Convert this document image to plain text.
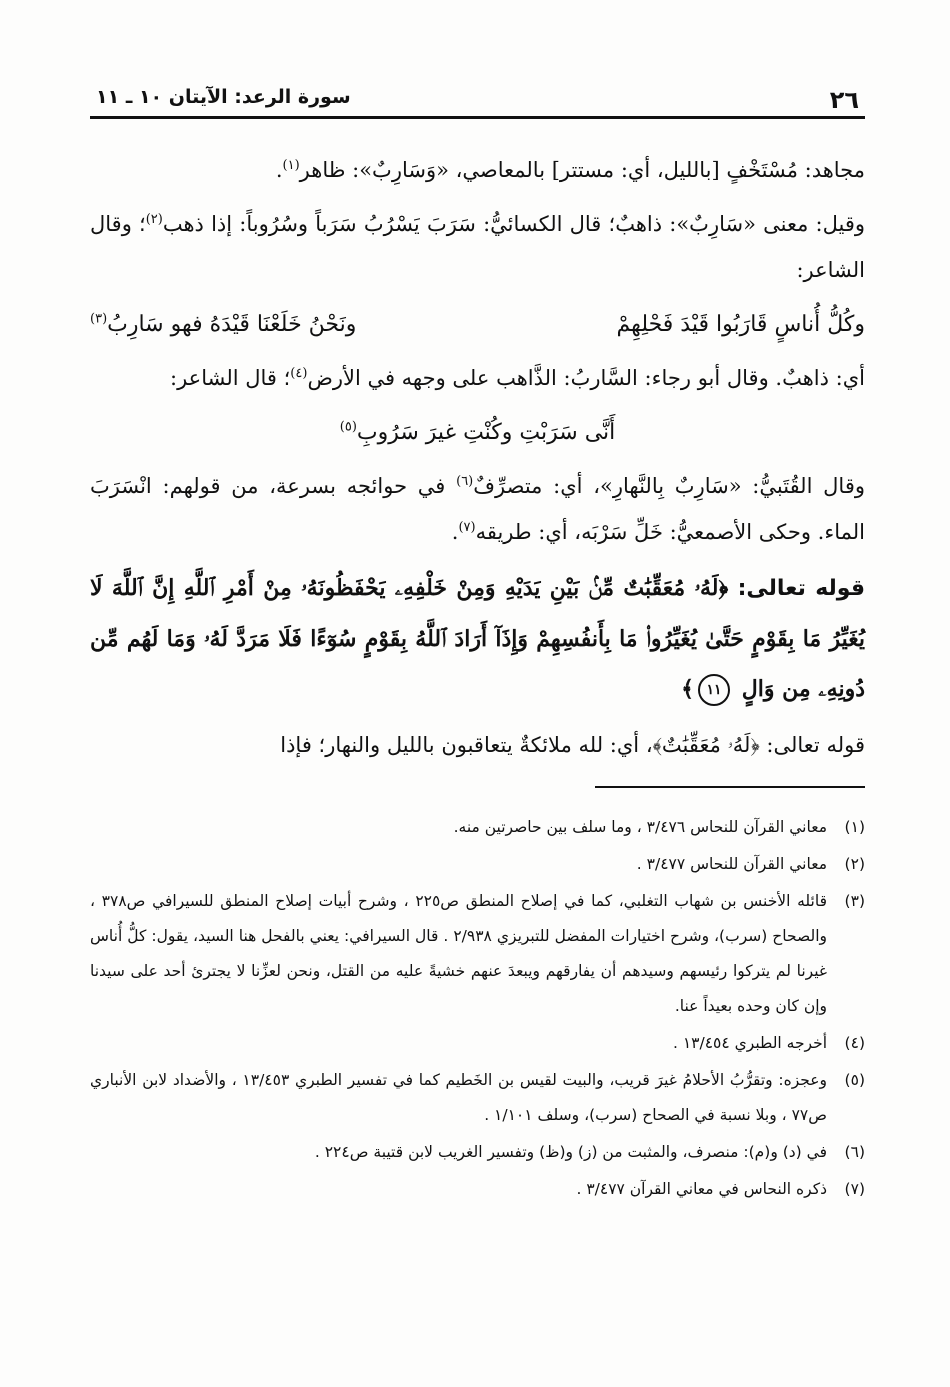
٢٦
سورة الرعد: الآيتان ١٠ ـ ١١

مجاهد: مُسْتَخْفٍ [بالليل، أي: مستتر] بالمعاصي، «وَسَارِبٌ»: ظاهر$^{(١)}$.

وقيل: معنى «سَارِبٌ»: ذاهبٌ؛ قال الكسائيُّ: سَرَبَ يَسْرُبُ سَرَباً وسُرُوباً: إذا ذهب$^{(٢)}$؛ وقال الشاعر:

وكُلُّ أُناسٍ قَارَبُوا قَيْدَ فَحْلِهِمْ
ونَحْنُ خَلَعْنَا قَيْدَهُ فهو سَارِبُ$^{(٣)}$

أي: ذاهبٌ. وقال أبو رجاء: السَّاربُ: الذَّاهب على وجهه في الأرض$^{(٤)}$؛ قال الشاعر:

أَنَّى سَرَبْتِ وكُنْتِ غيرَ سَرُوبِ$^{(٥)}$

وقال القُتَبيُّ: «سَارِبٌ بِالنَّهارِ»، أي: متصرِّفٌ$^{(٦)}$ في حوائجه بسرعة، من قولهم: انْسَرَبَ الماء. وحكى الأصمعيُّ: خَلِّ سَرْبَه، أي: طريقه$^{(٧)}$.

قوله تعالى: ﴿لَهُۥ مُعَقِّبَٰتٌ مِّنۢ بَيْنِ يَدَيْهِ وَمِنْ خَلْفِهِۦ يَحْفَظُونَهُۥ مِنْ أَمْرِ ٱللَّهِ إِنَّ ٱللَّهَ لَا يُغَيِّرُ مَا بِقَوْمٍ حَتَّىٰ يُغَيِّرُوا۟ مَا بِأَنفُسِهِمْ وَإِذَآ أَرَادَ ٱللَّهُ بِقَوْمٍ سُوٓءًا فَلَا مَرَدَّ لَهُۥ وَمَا لَهُم مِّن دُونِهِۦ مِن وَالٍ ١١﴾

قوله تعالى: ﴿لَهُۥ مُعَقِّبَٰتٌ﴾، أي: لله ملائكةٌ يتعاقبون بالليل والنهار؛ فإذا

(١)
معاني القرآن للنحاس ٣/٤٧٦ ، وما سلف بين حاصرتين منه.
(٢)
معاني القرآن للنحاس ٣/٤٧٧ .
(٣)
قائله الأخنس بن شهاب التغلبي، كما في إصلاح المنطق ص٢٢٥ ، وشرح أبيات إصلاح المنطق للسيرافي ص٣٧٨ ، والصحاح (سرب)، وشرح اختيارات المفضل للتبريزي ٢/٩٣٨ . قال السيرافي: يعني بالفحل هنا السيد، يقول: كلُّ أُناس غيرنا لم يتركوا رئيسهم وسيدهم أن يفارقهم ويبعدَ عنهم خشيةً عليه من القتل، ونحن لعزِّنا لا يجترئ أحد على سيدنا وإن كان وحده بعيداً عنا.
(٤)
أخرجه الطبري ١٣/٤٥٤ .
(٥)
وعجزه: وتقرُّبُ الأحلامُ غيرَ قريب، والبيت لقيس بن الخَطيم كما في تفسير الطبري ١٣/٤٥٣ ، والأضداد لابن الأنباري ص٧٧ ، وبلا نسبة في الصحاح (سرب)، وسلف ١/١٠١ .
(٦)
في (د) و(م): منصرف، والمثبت من (ز) و(ظ) وتفسير الغريب لابن قتيبة ص٢٢٤ .
(٧)
ذكره النحاس في معاني القرآن ٣/٤٧٧ .
